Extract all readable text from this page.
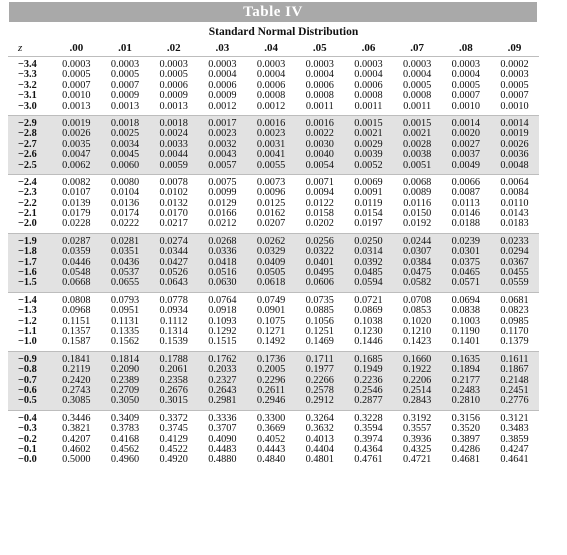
Table IV
Standard Normal Distribution
z	.00	.01	.02	.03	.04	.05	.06	.07	.08	.09
−3.4	0.0003	0.0003	0.0003	0.0003	0.0003	0.0003	0.0003	0.0003	0.0003	0.0002
−3.3	0.0005	0.0005	0.0005	0.0004	0.0004	0.0004	0.0004	0.0004	0.0004	0.0003
−3.2	0.0007	0.0007	0.0006	0.0006	0.0006	0.0006	0.0006	0.0005	0.0005	0.0005
−3.1	0.0010	0.0009	0.0009	0.0009	0.0008	0.0008	0.0008	0.0008	0.0007	0.0007
−3.0	0.0013	0.0013	0.0013	0.0012	0.0012	0.0011	0.0011	0.0011	0.0010	0.0010
−2.9	0.0019	0.0018	0.0018	0.0017	0.0016	0.0016	0.0015	0.0015	0.0014	0.0014
−2.8	0.0026	0.0025	0.0024	0.0023	0.0023	0.0022	0.0021	0.0021	0.0020	0.0019
−2.7	0.0035	0.0034	0.0033	0.0032	0.0031	0.0030	0.0029	0.0028	0.0027	0.0026
−2.6	0.0047	0.0045	0.0044	0.0043	0.0041	0.0040	0.0039	0.0038	0.0037	0.0036
−2.5	0.0062	0.0060	0.0059	0.0057	0.0055	0.0054	0.0052	0.0051	0.0049	0.0048
−2.4	0.0082	0.0080	0.0078	0.0075	0.0073	0.0071	0.0069	0.0068	0.0066	0.0064
−2.3	0.0107	0.0104	0.0102	0.0099	0.0096	0.0094	0.0091	0.0089	0.0087	0.0084
−2.2	0.0139	0.0136	0.0132	0.0129	0.0125	0.0122	0.0119	0.0116	0.0113	0.0110
−2.1	0.0179	0.0174	0.0170	0.0166	0.0162	0.0158	0.0154	0.0150	0.0146	0.0143
−2.0	0.0228	0.0222	0.0217	0.0212	0.0207	0.0202	0.0197	0.0192	0.0188	0.0183
−1.9	0.0287	0.0281	0.0274	0.0268	0.0262	0.0256	0.0250	0.0244	0.0239	0.0233
−1.8	0.0359	0.0351	0.0344	0.0336	0.0329	0.0322	0.0314	0.0307	0.0301	0.0294
−1.7	0.0446	0.0436	0.0427	0.0418	0.0409	0.0401	0.0392	0.0384	0.0375	0.0367
−1.6	0.0548	0.0537	0.0526	0.0516	0.0505	0.0495	0.0485	0.0475	0.0465	0.0455
−1.5	0.0668	0.0655	0.0643	0.0630	0.0618	0.0606	0.0594	0.0582	0.0571	0.0559
−1.4	0.0808	0.0793	0.0778	0.0764	0.0749	0.0735	0.0721	0.0708	0.0694	0.0681
−1.3	0.0968	0.0951	0.0934	0.0918	0.0901	0.0885	0.0869	0.0853	0.0838	0.0823
−1.2	0.1151	0.1131	0.1112	0.1093	0.1075	0.1056	0.1038	0.1020	0.1003	0.0985
−1.1	0.1357	0.1335	0.1314	0.1292	0.1271	0.1251	0.1230	0.1210	0.1190	0.1170
−1.0	0.1587	0.1562	0.1539	0.1515	0.1492	0.1469	0.1446	0.1423	0.1401	0.1379
−0.9	0.1841	0.1814	0.1788	0.1762	0.1736	0.1711	0.1685	0.1660	0.1635	0.1611
−0.8	0.2119	0.2090	0.2061	0.2033	0.2005	0.1977	0.1949	0.1922	0.1894	0.1867
−0.7	0.2420	0.2389	0.2358	0.2327	0.2296	0.2266	0.2236	0.2206	0.2177	0.2148
−0.6	0.2743	0.2709	0.2676	0.2643	0.2611	0.2578	0.2546	0.2514	0.2483	0.2451
−0.5	0.3085	0.3050	0.3015	0.2981	0.2946	0.2912	0.2877	0.2843	0.2810	0.2776
−0.4	0.3446	0.3409	0.3372	0.3336	0.3300	0.3264	0.3228	0.3192	0.3156	0.3121
−0.3	0.3821	0.3783	0.3745	0.3707	0.3669	0.3632	0.3594	0.3557	0.3520	0.3483
−0.2	0.4207	0.4168	0.4129	0.4090	0.4052	0.4013	0.3974	0.3936	0.3897	0.3859
−0.1	0.4602	0.4562	0.4522	0.4483	0.4443	0.4404	0.4364	0.4325	0.4286	0.4247
−0.0	0.5000	0.4960	0.4920	0.4880	0.4840	0.4801	0.4761	0.4721	0.4681	0.4641
